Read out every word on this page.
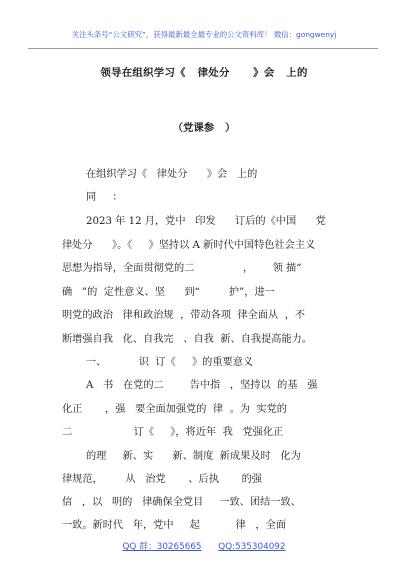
关注头条号“公文研究”，获得最新最全最专业的公文资料库！ 微信：gongwenyj
领导在组织学习《   律处分      》会   上的
（党课参   ）
在组织学习《   律处分      》会   上的
同     ：
2023 年 12 月，党中   印发      订后的《中国      党
律处分      》。《     》坚持以 A 新时代中国特色社会主义
思想为指导，全面贯彻党的二               ，      领 描“
确   ”的  定性意义、坚      到“         护”，进一
明党的政治   律和政治规  ，带动各项  律全面从  ，不
断增强自我   化、自我完   、自我  新、自我提高能力。
一、          识  订《     》的重要意义
A   书   在党的二        告中指   ，坚持以  的基   强
化正       ，强   要全面加强党的  律  。为  实党的
二                   订《     》，将近年  我   党强化正
的理     新、实      新、制度  新成果及时   化为
律规范，       从   治党       、后执       的强
信   ，以   明的   律确保全党目     一致、团结一致、
一致。新时代   年，党中     起           律   ，全面
QQ 群：30265665 QQ:535304092
